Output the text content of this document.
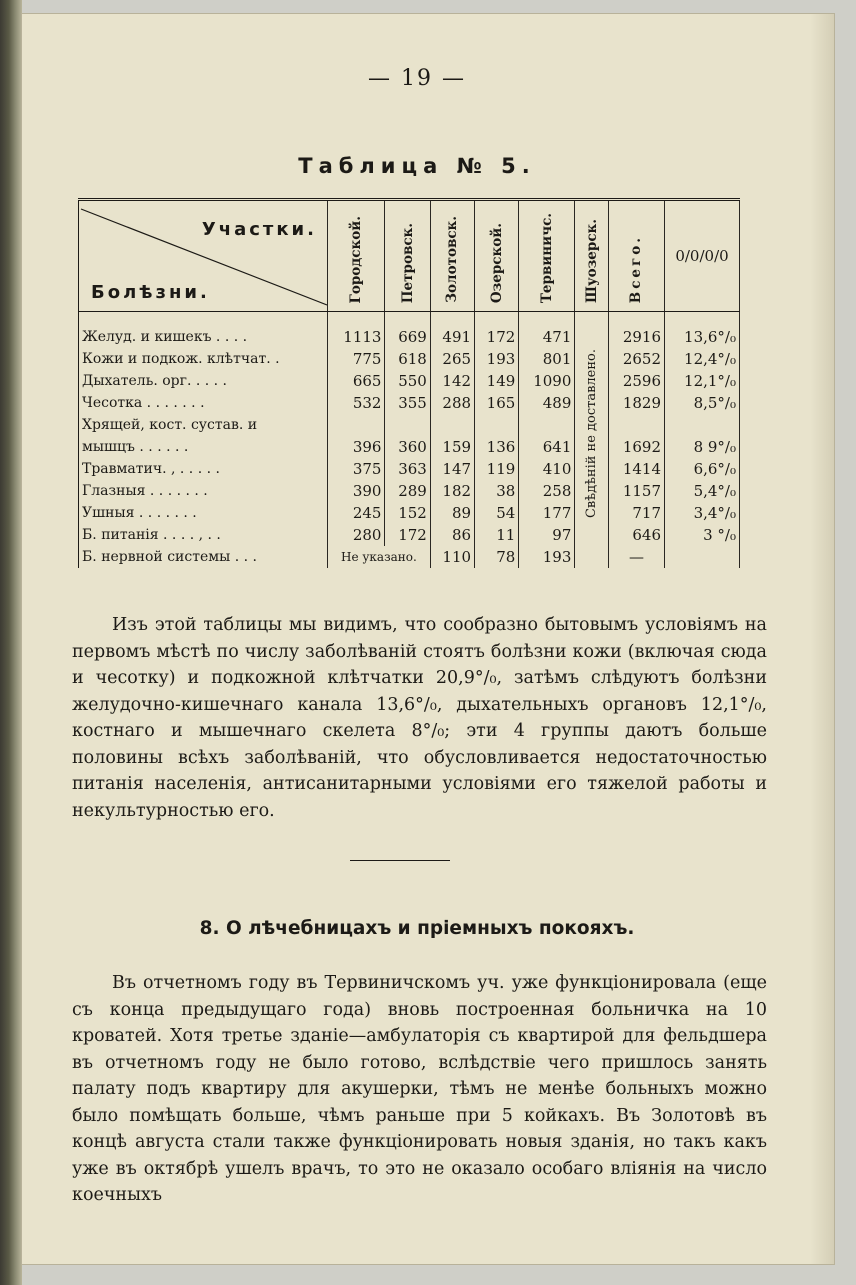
— 19 —
Таблица № 5.
Участки.
Болѣзни.	Городской.	Петровск.	Золотовск.	Озерской.	Тервиничс.	Шуозерск.	Всего.	0/0/0/0

Желуд. и кишекъ . . . .	1113	669	491	172	471	Свѣдѣній не доставлено.	2916	13,6°/₀
Кожи и подкож. клѣтчат. .	775	618	265	193	801		2652	12,4°/₀
Дыхатель. орг. . . . .	665	550	142	149	1090		2596	12,1°/₀
Чесотка . . . . . . .	532	355	288	165	489		1829	8,5°/₀
Хрящей, кост. сустав. и								
мышцъ . . . . . .	396	360	159	136	641		1692	8 9°/₀
Травматич. , . . . . .	375	363	147	119	410		1414	6,6°/₀
Глазныя . . . . . . .	390	289	182	38	258		1157	5,4°/₀
Ушныя . . . . . . .	245	152	89	54	177		717	3,4°/₀
Б. питанія . . . . , . .	280	172	86	11	97		646	3 °/₀
Б. нервной системы . . .	Не указано.		110	78	193		—	
Изъ этой таблицы мы видимъ, что сообразно бытовымъ условіямъ на первомъ мѣстѣ по числу заболѣваній стоятъ болѣзни кожи (включая сюда и чесотку) и подкожной клѣтчатки 20,9°/₀, затѣмъ слѣдуютъ болѣзни желудочно-кишечнаго канала 13,6°/₀, дыхательныхъ органовъ 12,1°/₀, костнаго и мышечнаго скелета 8°/₀; эти 4 группы даютъ больше половины всѣхъ заболѣваній, что обусловливается недостаточностью питанія населенія, антисанитарными условіями его тяжелой работы и некультурностью его.
8. О лѣчебницахъ и пріемныхъ покояхъ.
Въ отчетномъ году въ Тервиничскомъ уч. уже функціонировала (еще съ конца предыдущаго года) вновь построенная больничка на 10 кроватей. Хотя третье зданіе—амбулаторія съ квартирой для фельдшера въ отчетномъ году не было готово, вслѣдствіе чего пришлось занять палату подъ квартиру для акушерки, тѣмъ не менѣе больныхъ можно было помѣщать больше, чѣмъ раньше при 5 койкахъ. Въ Золотовѣ въ концѣ августа стали также функціонировать новыя зданія, но такъ какъ уже въ октябрѣ ушелъ врачъ, то это не оказало особаго вліянія на число коечныхъ
